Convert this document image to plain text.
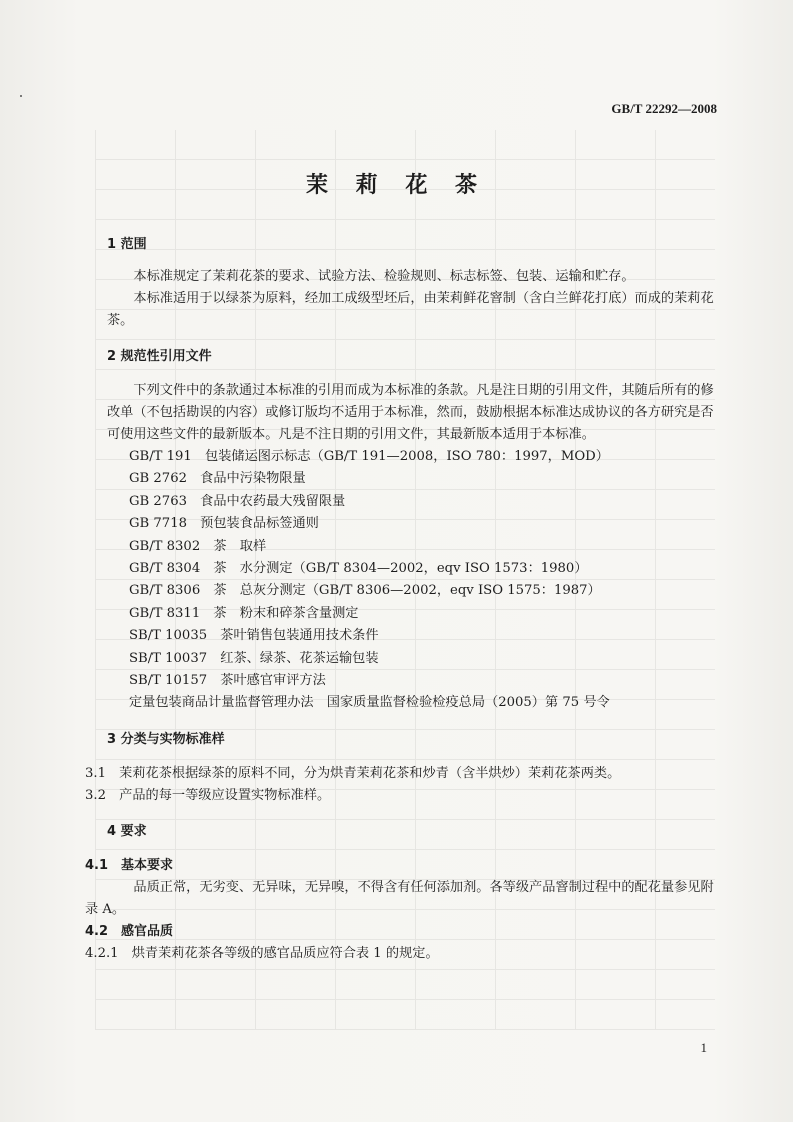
GB/T 22292—2008
茉 莉 花 茶
1 范围

本标准规定了茉莉花茶的要求、试验方法、检验规则、标志标签、包装、运输和贮存。

本标准适用于以绿茶为原料，经加工成级型坯后，由茉莉鲜花窨制（含白兰鲜花打底）而成的茉莉花茶。

2 规范性引用文件

下列文件中的条款通过本标准的引用而成为本标准的条款。凡是注日期的引用文件，其随后所有的修改单（不包括勘误的内容）或修订版均不适用于本标准，然而，鼓励根据本标准达成协议的各方研究是否可使用这些文件的最新版本。凡是不注日期的引用文件，其最新版本适用于本标准。

GB/T 191　包装储运图示标志（GB/T 191—2008，ISO 780：1997，MOD）
GB 2762　食品中污染物限量
GB 2763　食品中农药最大残留限量
GB 7718　预包装食品标签通则
GB/T 8302　茶　取样
GB/T 8304　茶　水分测定（GB/T 8304—2002，eqv ISO 1573：1980）
GB/T 8306　茶　总灰分测定（GB/T 8306—2002，eqv ISO 1575：1987）
GB/T 8311　茶　粉末和碎茶含量测定
SB/T 10035　茶叶销售包装通用技术条件
SB/T 10037　红茶、绿茶、花茶运输包装
SB/T 10157　茶叶感官审评方法
定量包装商品计量监督管理办法　国家质量监督检验检疫总局（2005）第 75 号令
3 分类与实物标准样

3.1　茉莉花茶根据绿茶的原料不同，分为烘青茉莉花茶和炒青（含半烘炒）茉莉花茶两类。

3.2　产品的每一等级应设置实物标准样。

4 要求
4.1　基本要求

品质正常，无劣变、无异味，无异嗅，不得含有任何添加剂。各等级产品窨制过程中的配花量参见附录 A。

4.2　感官品质

4.2.1　烘青茉莉花茶各等级的感官品质应符合表 1 的规定。

1
